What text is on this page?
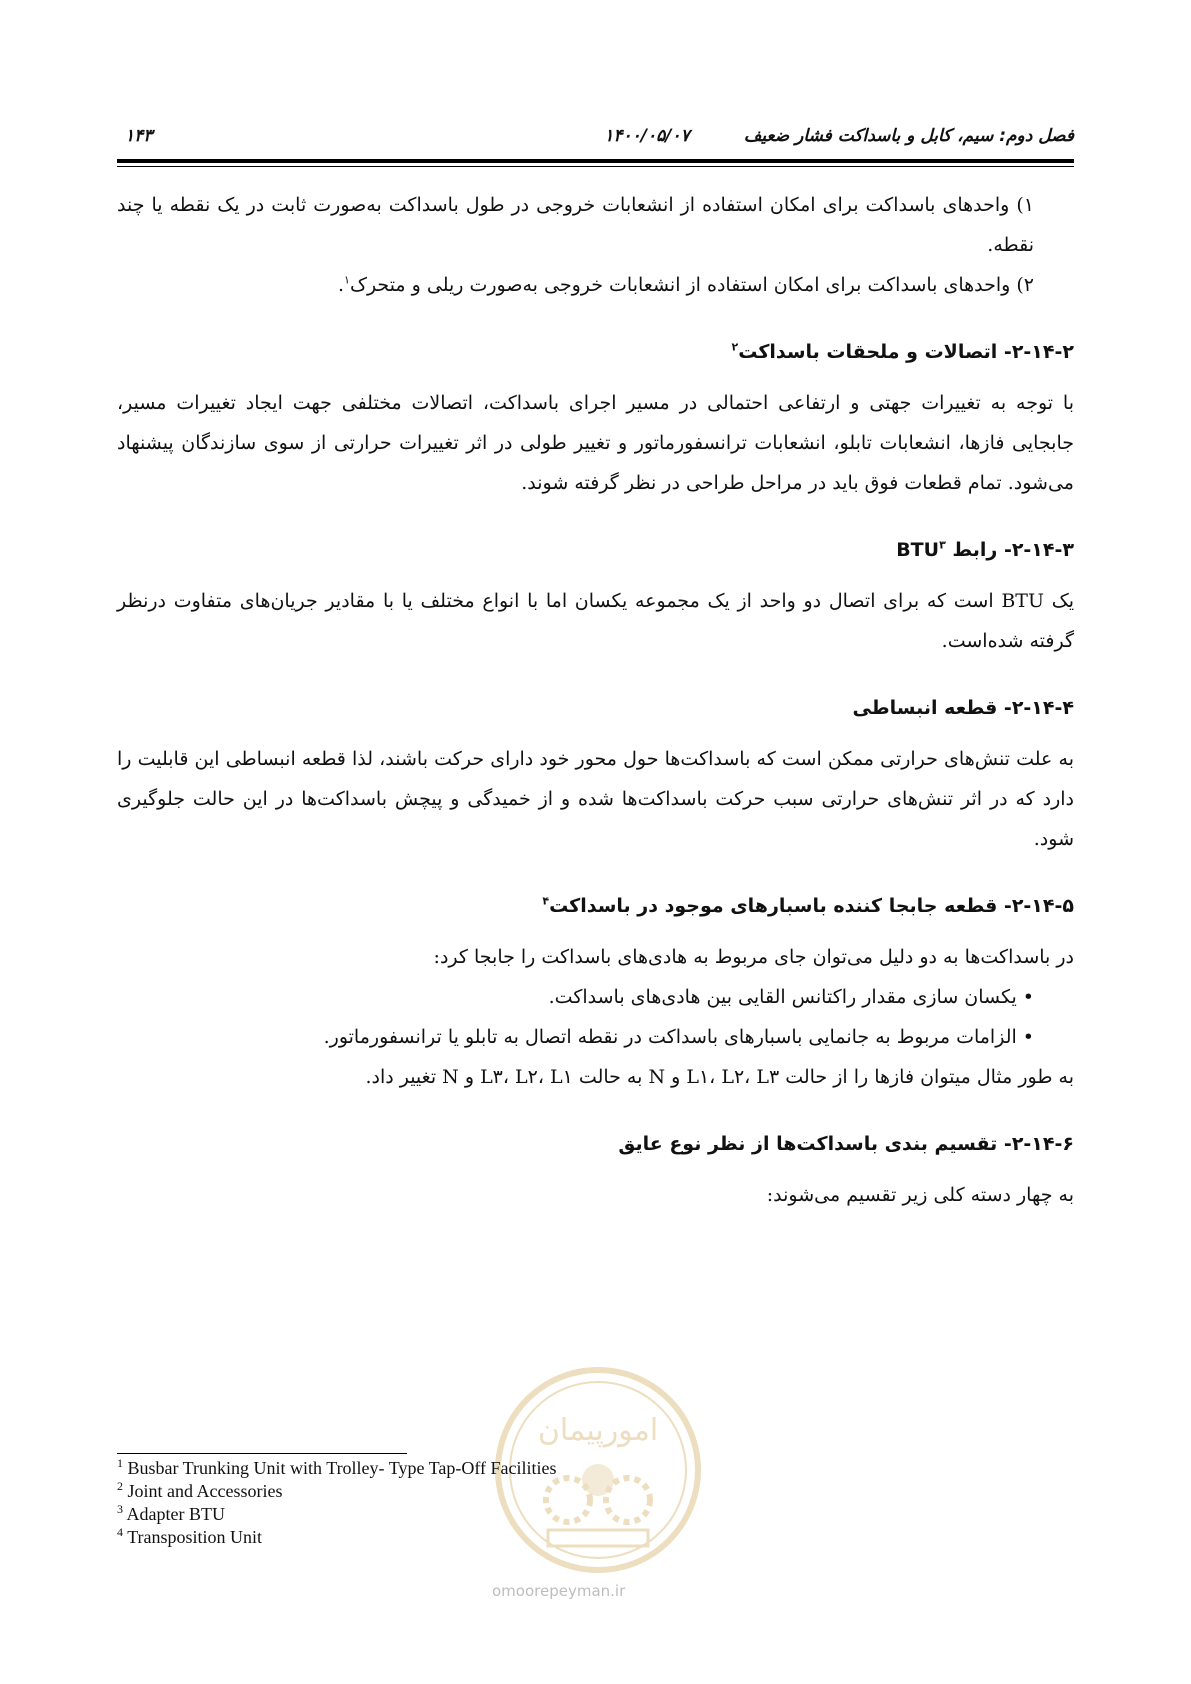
۱۴۳	۱۴۰۰/۰۵/۰۷	فصل دوم: سیم، کابل و باسداکت فشار ضعیف

۱) واحدهای باسداکت برای امکان استفاده از انشعابات خروجی در طول باسداکت به‌صورت ثابت در یک نقطه یا چند نقطه.

۲) واحدهای باسداکت برای امکان استفاده از انشعابات خروجی به‌صورت ریلی و متحرک$^۱$.

۲-۱۴-۲- اتصالات و ملحقات باسداکت$^۲$

با توجه به تغییرات جهتی و ارتفاعی احتمالی در مسیر اجرای باسداکت، اتصالات مختلفی جهت ایجاد تغییرات مسیر، جابجایی فازها، انشعابات تابلو، انشعابات ترانسفورماتور و تغییر طولی در اثر تغییرات حرارتی از سوی سازندگان پیشنهاد می‌شود. تمام قطعات فوق باید در مراحل طراحی در نظر گرفته شوند.

۲-۱۴-۳- رابط BTU$^۳$

یک BTU است که برای اتصال دو واحد از یک مجموعه یکسان اما با انواع مختلف یا با مقادیر جریان‌های متفاوت درنظر گرفته شده‌است.

۲-۱۴-۴- قطعه انبساطی

به علت تنش‌های حرارتی ممکن است که باسداکت‌ها حول محور خود دارای حرکت باشند، لذا قطعه انبساطی این قابلیت را دارد که در اثر تنش‌های حرارتی سبب حرکت باسداکت‌ها شده و از خمیدگی و پیچش باسداکت‌ها در این حالت جلوگیری شود.

۲-۱۴-۵- قطعه جابجا کننده باسبارهای موجود در باسداکت$^۴$

در باسداکت‌ها به دو دلیل می‌توان جای مربوط به هادی‌های باسداکت را جابجا کرد:

• یکسان سازی مقدار راکتانس القایی بین هادی‌های باسداکت.

• الزامات مربوط به جانمایی باسبارهای باسداکت در نقطه اتصال به تابلو یا ترانسفورماتور.

به طور مثال میتوان فازها را از حالت L۱، L۲، L۳ و N به حالت L۳، L۲، L۱ و N تغییر داد.

۲-۱۴-۶- تقسیم بندی باسداکت‌ها از نظر نوع عایق

به چهار دسته کلی زیر تقسیم می‌شوند:

امورپیمان
omoorepeyman.ir
$^1$ Busbar Trunking Unit with Trolley- Type Tap-Off Facilities
$^2$ Joint and Accessories
$^3$ Adapter BTU
$^4$ Transposition Unit
